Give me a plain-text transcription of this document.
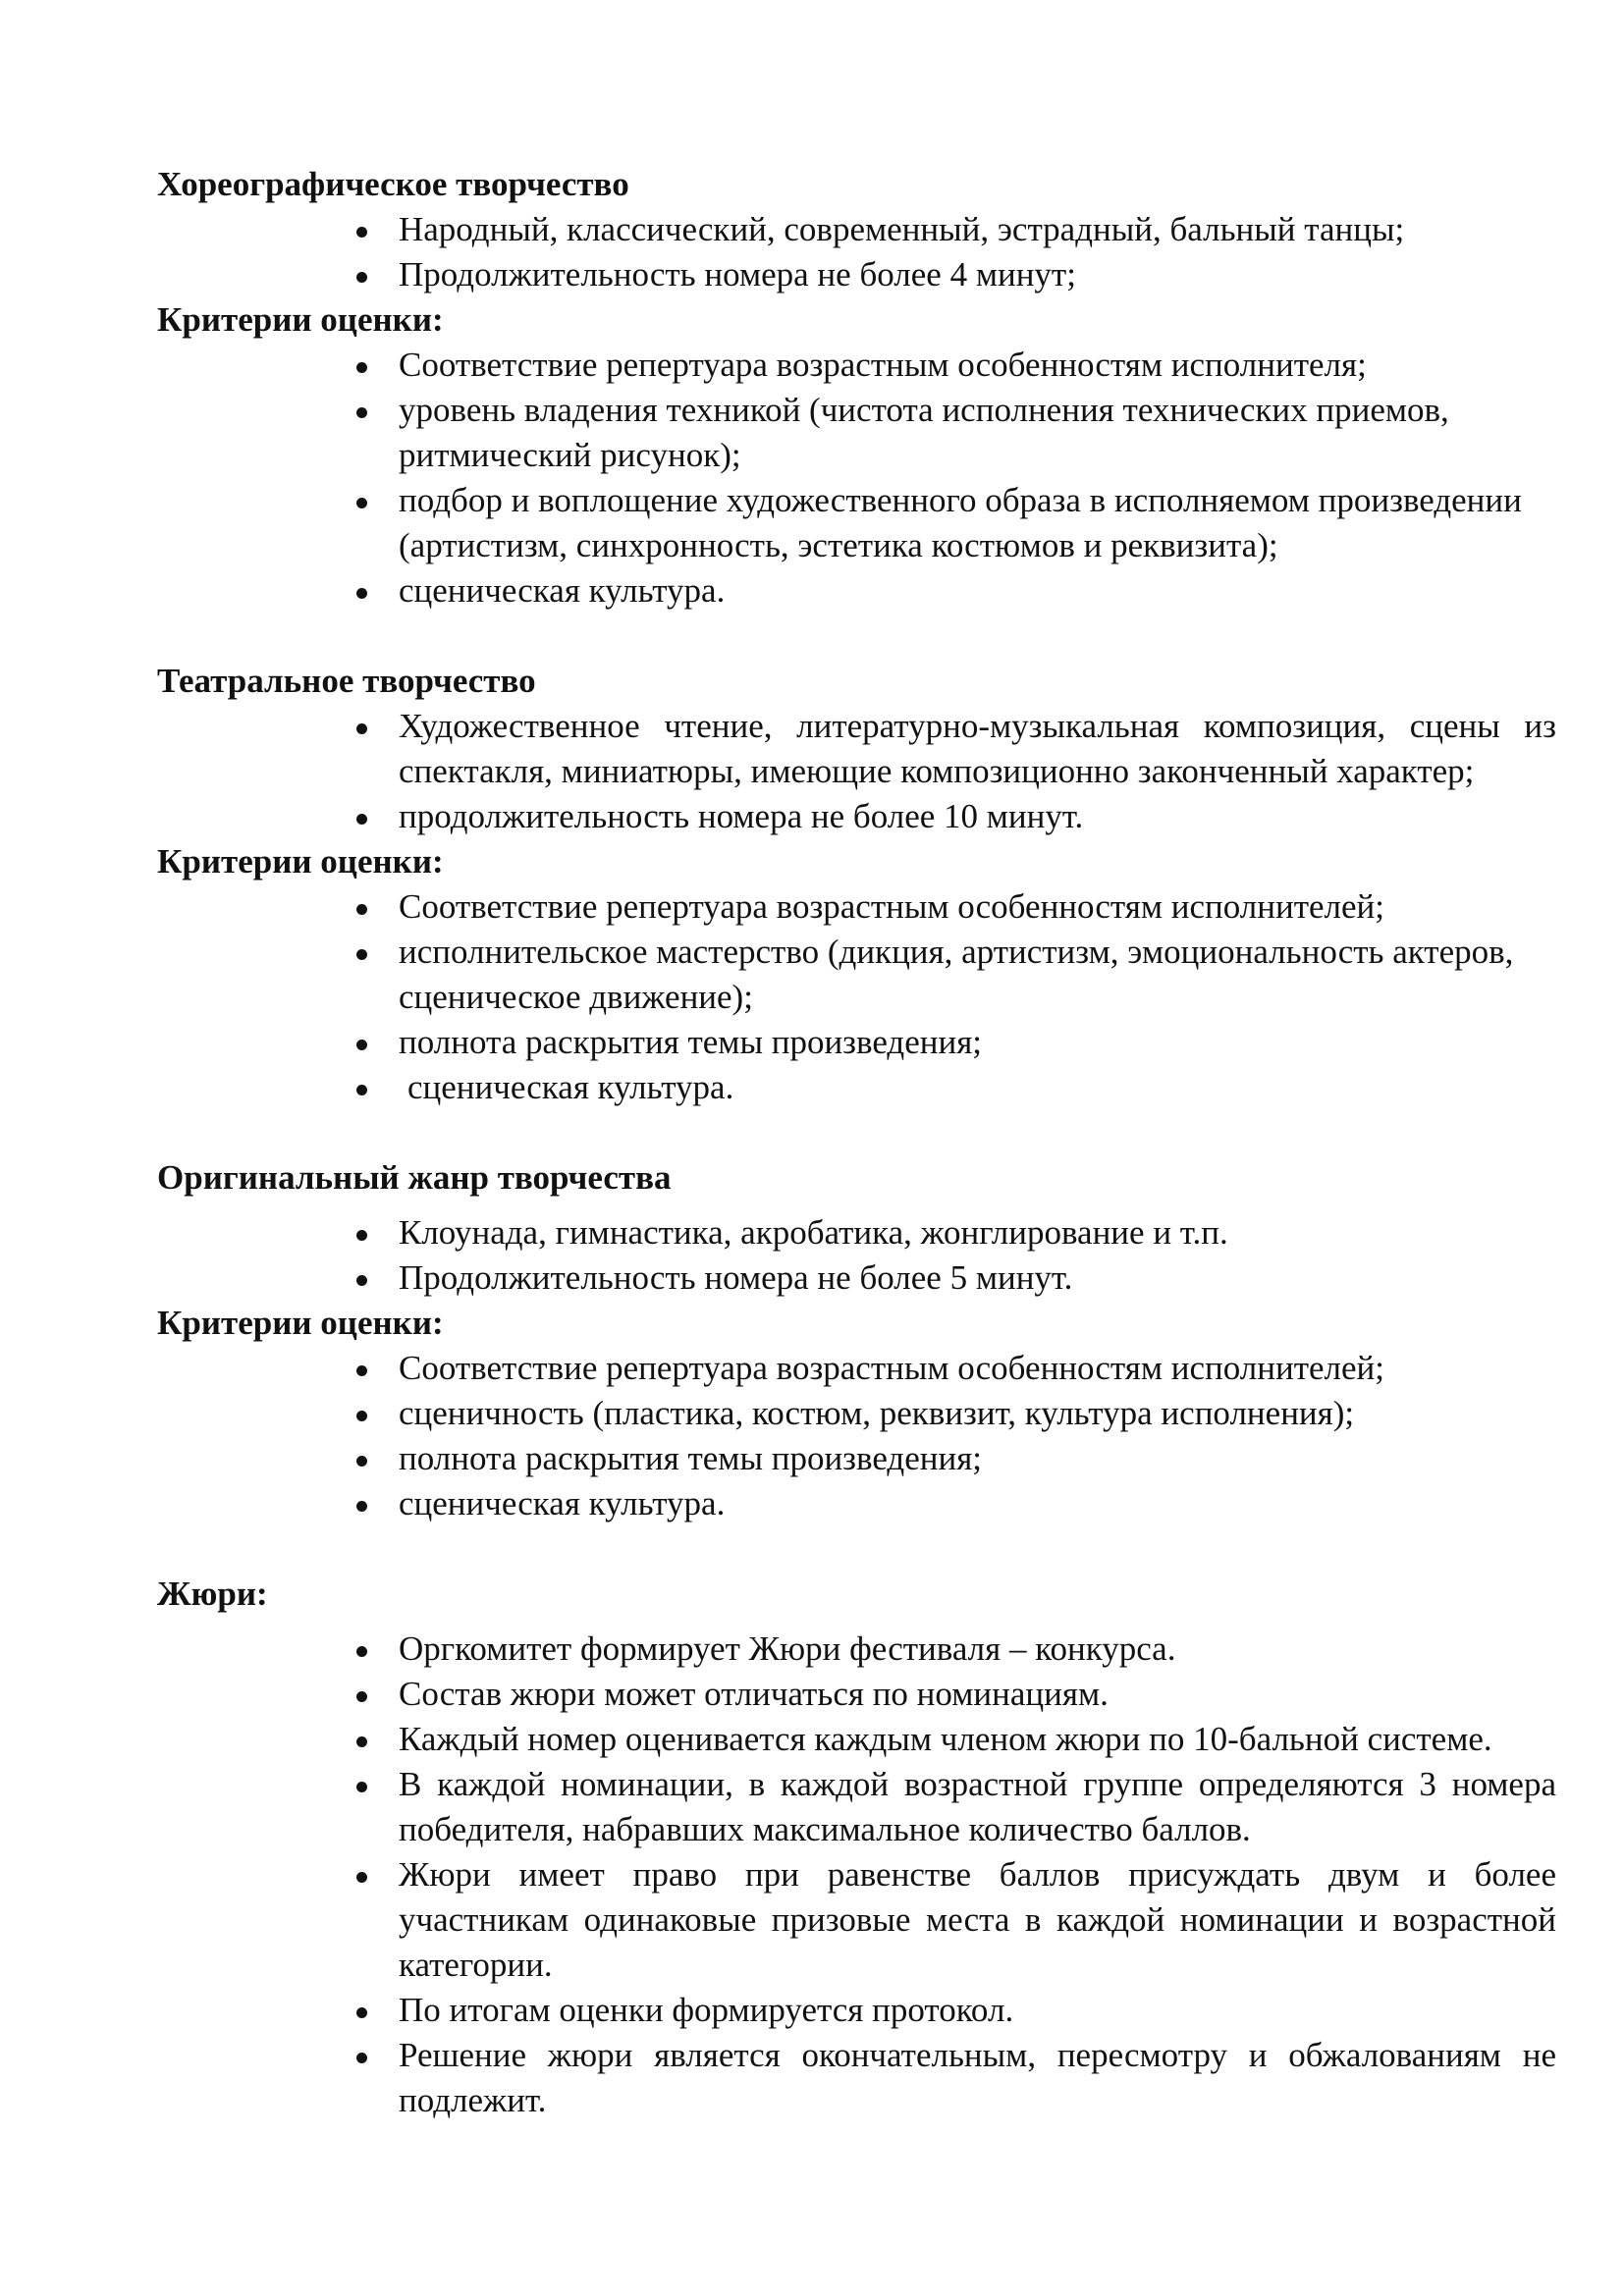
Хореографическое творчество

Народный, классический, современный, эстрадный, бальный танцы;
Продолжительность номера не более 4 минут;

Критерии оценки:

Соответствие репертуара возрастным особенностям исполнителя;
уровень владения техникой (чистота исполнения технических приемов, ритмический рисунок);
подбор и воплощение художественного образа в исполняемом произведении (артистизм, синхронность, эстетика костюмов и реквизита);
сценическая культура.

Театральное творчество

Художественное чтение, литературно-музыкальная композиция, сцены из спектакля, миниатюры, имеющие композиционно законченный характер;
продолжительность номера не более 10 минут.

Критерии оценки:

Соответствие репертуара возрастным особенностям исполнителей;
исполнительское мастерство (дикция, артистизм, эмоциональность актеров, сценическое движение);
полнота раскрытия темы произведения;
сценическая культура.

Оригинальный жанр творчества

Клоунада, гимнастика, акробатика, жонглирование и т.п.
Продолжительность номера не более 5 минут.

Критерии оценки:

Соответствие репертуара возрастным особенностям исполнителей;
сценичность (пластика, костюм, реквизит, культура исполнения);
полнота раскрытия темы произведения;
сценическая культура.

Жюри:

Оргкомитет формирует Жюри фестиваля – конкурса.
Состав жюри может отличаться по номинациям.
Каждый номер оценивается каждым членом жюри по 10-бальной системе.
В каждой номинации, в каждой возрастной группе определяются 3 номера победителя, набравших максимальное количество баллов.
Жюри имеет право при равенстве баллов присуждать двум и более участникам одинаковые призовые места в каждой номинации и возрастной категории.
По итогам оценки формируется протокол.
Решение жюри является окончательным, пересмотру и обжалованиям не подлежит.
